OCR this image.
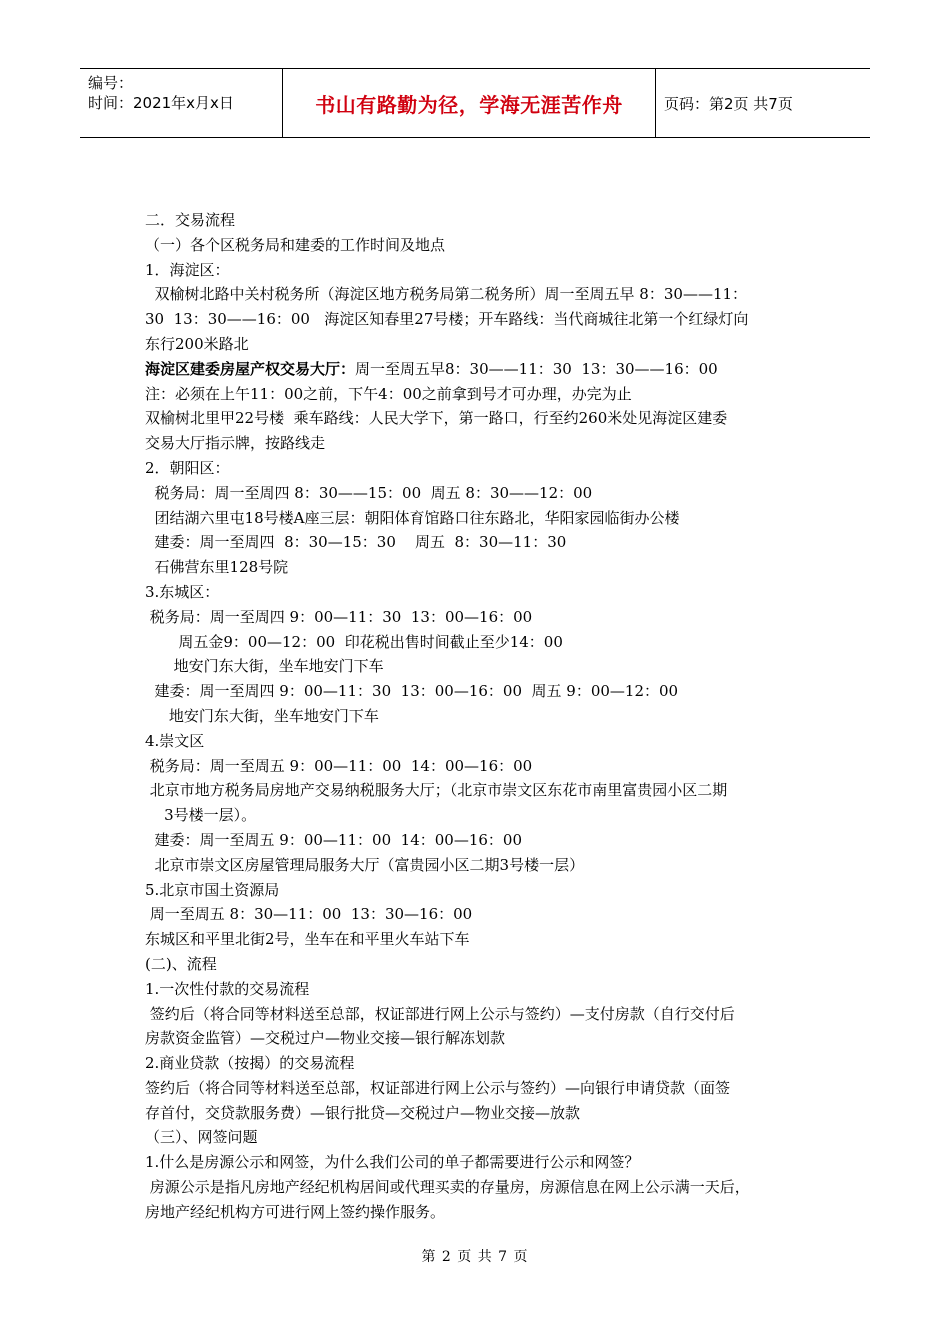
编号：
时间：2021年x月x日	书山有路勤为径，学海无涯苦作舟	页码：第2页 共7页
二．交易流程
（一）各个区税务局和建委的工作时间及地点
1．海淀区：
双榆树北路中关村税务所（海淀区地方税务局第二税务所）周一至周五早 8：30——11：
30  13：30——16：00   海淀区知春里27号楼；开车路线：当代商城往北第一个红绿灯向
东行200米路北
海淀区建委房屋产权交易大厅：周一至周五早8：30——11：30  13：30——16：00
注：必须在上午11：00之前，下午4：00之前拿到号才可办理，办完为止
双榆树北里甲22号楼  乘车路线：人民大学下，第一路口，行至约260米处见海淀区建委
交易大厅指示牌，按路线走
2．朝阳区：
税务局：周一至周四 8：30——15：00  周五 8：30——12：00
团结湖六里屯18号楼A座三层：朝阳体育馆路口往东路北，华阳家园临街办公楼
建委：周一至周四  8：30—15：30    周五  8：30—11：30
石佛营东里128号院
3.东城区：
税务局：周一至周四 9：00—11：30  13：00—16：00
周五金9：00—12：00  印花税出售时间截止至少14：00
地安门东大街，坐车地安门下车
建委：周一至周四 9：00—11：30  13：00—16：00  周五 9：00—12：00
地安门东大街，坐车地安门下车
4.崇文区
税务局：周一至周五 9：00—11：00  14：00—16：00
北京市地方税务局房地产交易纳税服务大厅；（北京市崇文区东花市南里富贵园小区二期
3号楼一层）。
建委：周一至周五 9：00—11：00  14：00—16：00
北京市崇文区房屋管理局服务大厅（富贵园小区二期3号楼一层）
5.北京市国土资源局
周一至周五 8：30—11：00  13：30—16：00
东城区和平里北街2号，坐车在和平里火车站下车
(二)、流程
1.一次性付款的交易流程
签约后（将合同等材料送至总部，权证部进行网上公示与签约）—支付房款（自行交付后
房款资金监管）—交税过户—物业交接—银行解冻划款
2.商业贷款（按揭）的交易流程
签约后（将合同等材料送至总部，权证部进行网上公示与签约）—向银行申请贷款（面签
存首付，交贷款服务费）—银行批贷—交税过户—物业交接—放款
（三）、网签问题
1.什么是房源公示和网签，为什么我们公司的单子都需要进行公示和网签？
房源公示是指凡房地产经纪机构居间或代理买卖的存量房，房源信息在网上公示满一天后，
房地产经纪机构方可进行网上签约操作服务。
第 2 页 共 7 页
